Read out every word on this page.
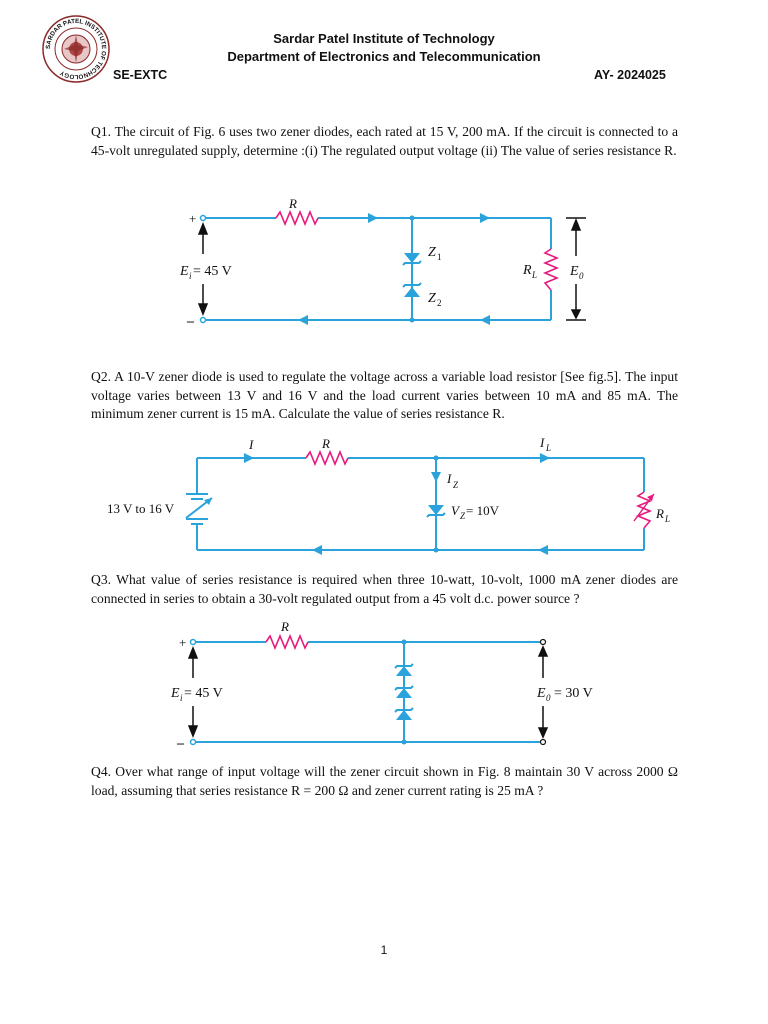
SARDAR PATEL INSTITUTE OF TECHNOLOGY
Sardar Patel Institute of Technology
Department of Electronics and Telecommunication
SE-EXTC	AY- 2024025
Q1. The circuit of Fig. 6 uses two zener diodes, each rated at 15 V, 200 mA. If the circuit is connected to a 45-volt unregulated supply, determine :(i) The regulated output voltage (ii) The value of series resistance R.
Q2. A 10-V zener diode is used to regulate the voltage across a variable load resistor [See fig.5]. The input voltage varies between 13 V and 16 V and the load current varies between 10 mA and 85 mA. The minimum zener current is 15 mA. Calculate the value of series resistance R.
Q3. What value of series resistance is required when three 10-watt, 10-volt, 1000 mA zener diodes are connected in series to obtain a 30-volt regulated output from a 45 volt d.c. power source ?
Q4. Over what range of input voltage will the zener circuit shown in Fig. 8 maintain 30 V across 2000 Ω load, assuming that series resistance R = 200 Ω and zener current rating is 25 mA ?
+
–
R
E i = 45 V
Z 1
Z 2
R L E 0
I	R	I L
13 V to 16 V
I Z
V Z = 10V	R L
+
–
R
E i = 45 V	E 0 = 30 V
1
